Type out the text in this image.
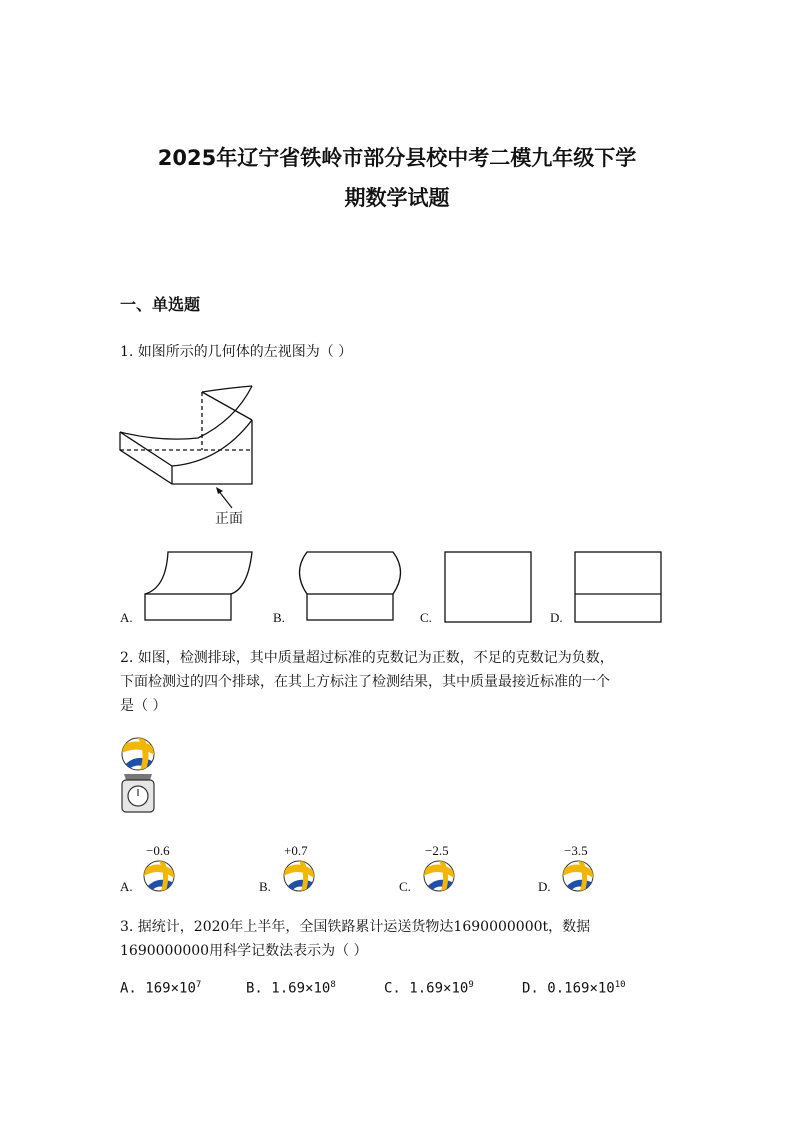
2025年辽宁省铁岭市部分县校中考二模九年级下学
期数学试题
一、单选题
1. 如图所示的几何体的左视图为（ ）
正面
A.	B.	C.	D.
2. 如图，检测排球，其中质量超过标准的克数记为正数，不足的克数记为负数，
下面检测过的四个排球，在其上方标注了检测结果，其中质量最接近标准的一个
是（ ）
−0.6
A.
+0.7
B.
−2.5
C.
−3.5
D.
3. 据统计，2020年上半年，全国铁路累计运送货物达1690000000t，数据
1690000000用科学记数法表示为（ ）
A. $169\times 10^7$	B. $1.69\times 10^8$	C. $1.69\times 10^9$	D. $0.169\times 10^{10}$
